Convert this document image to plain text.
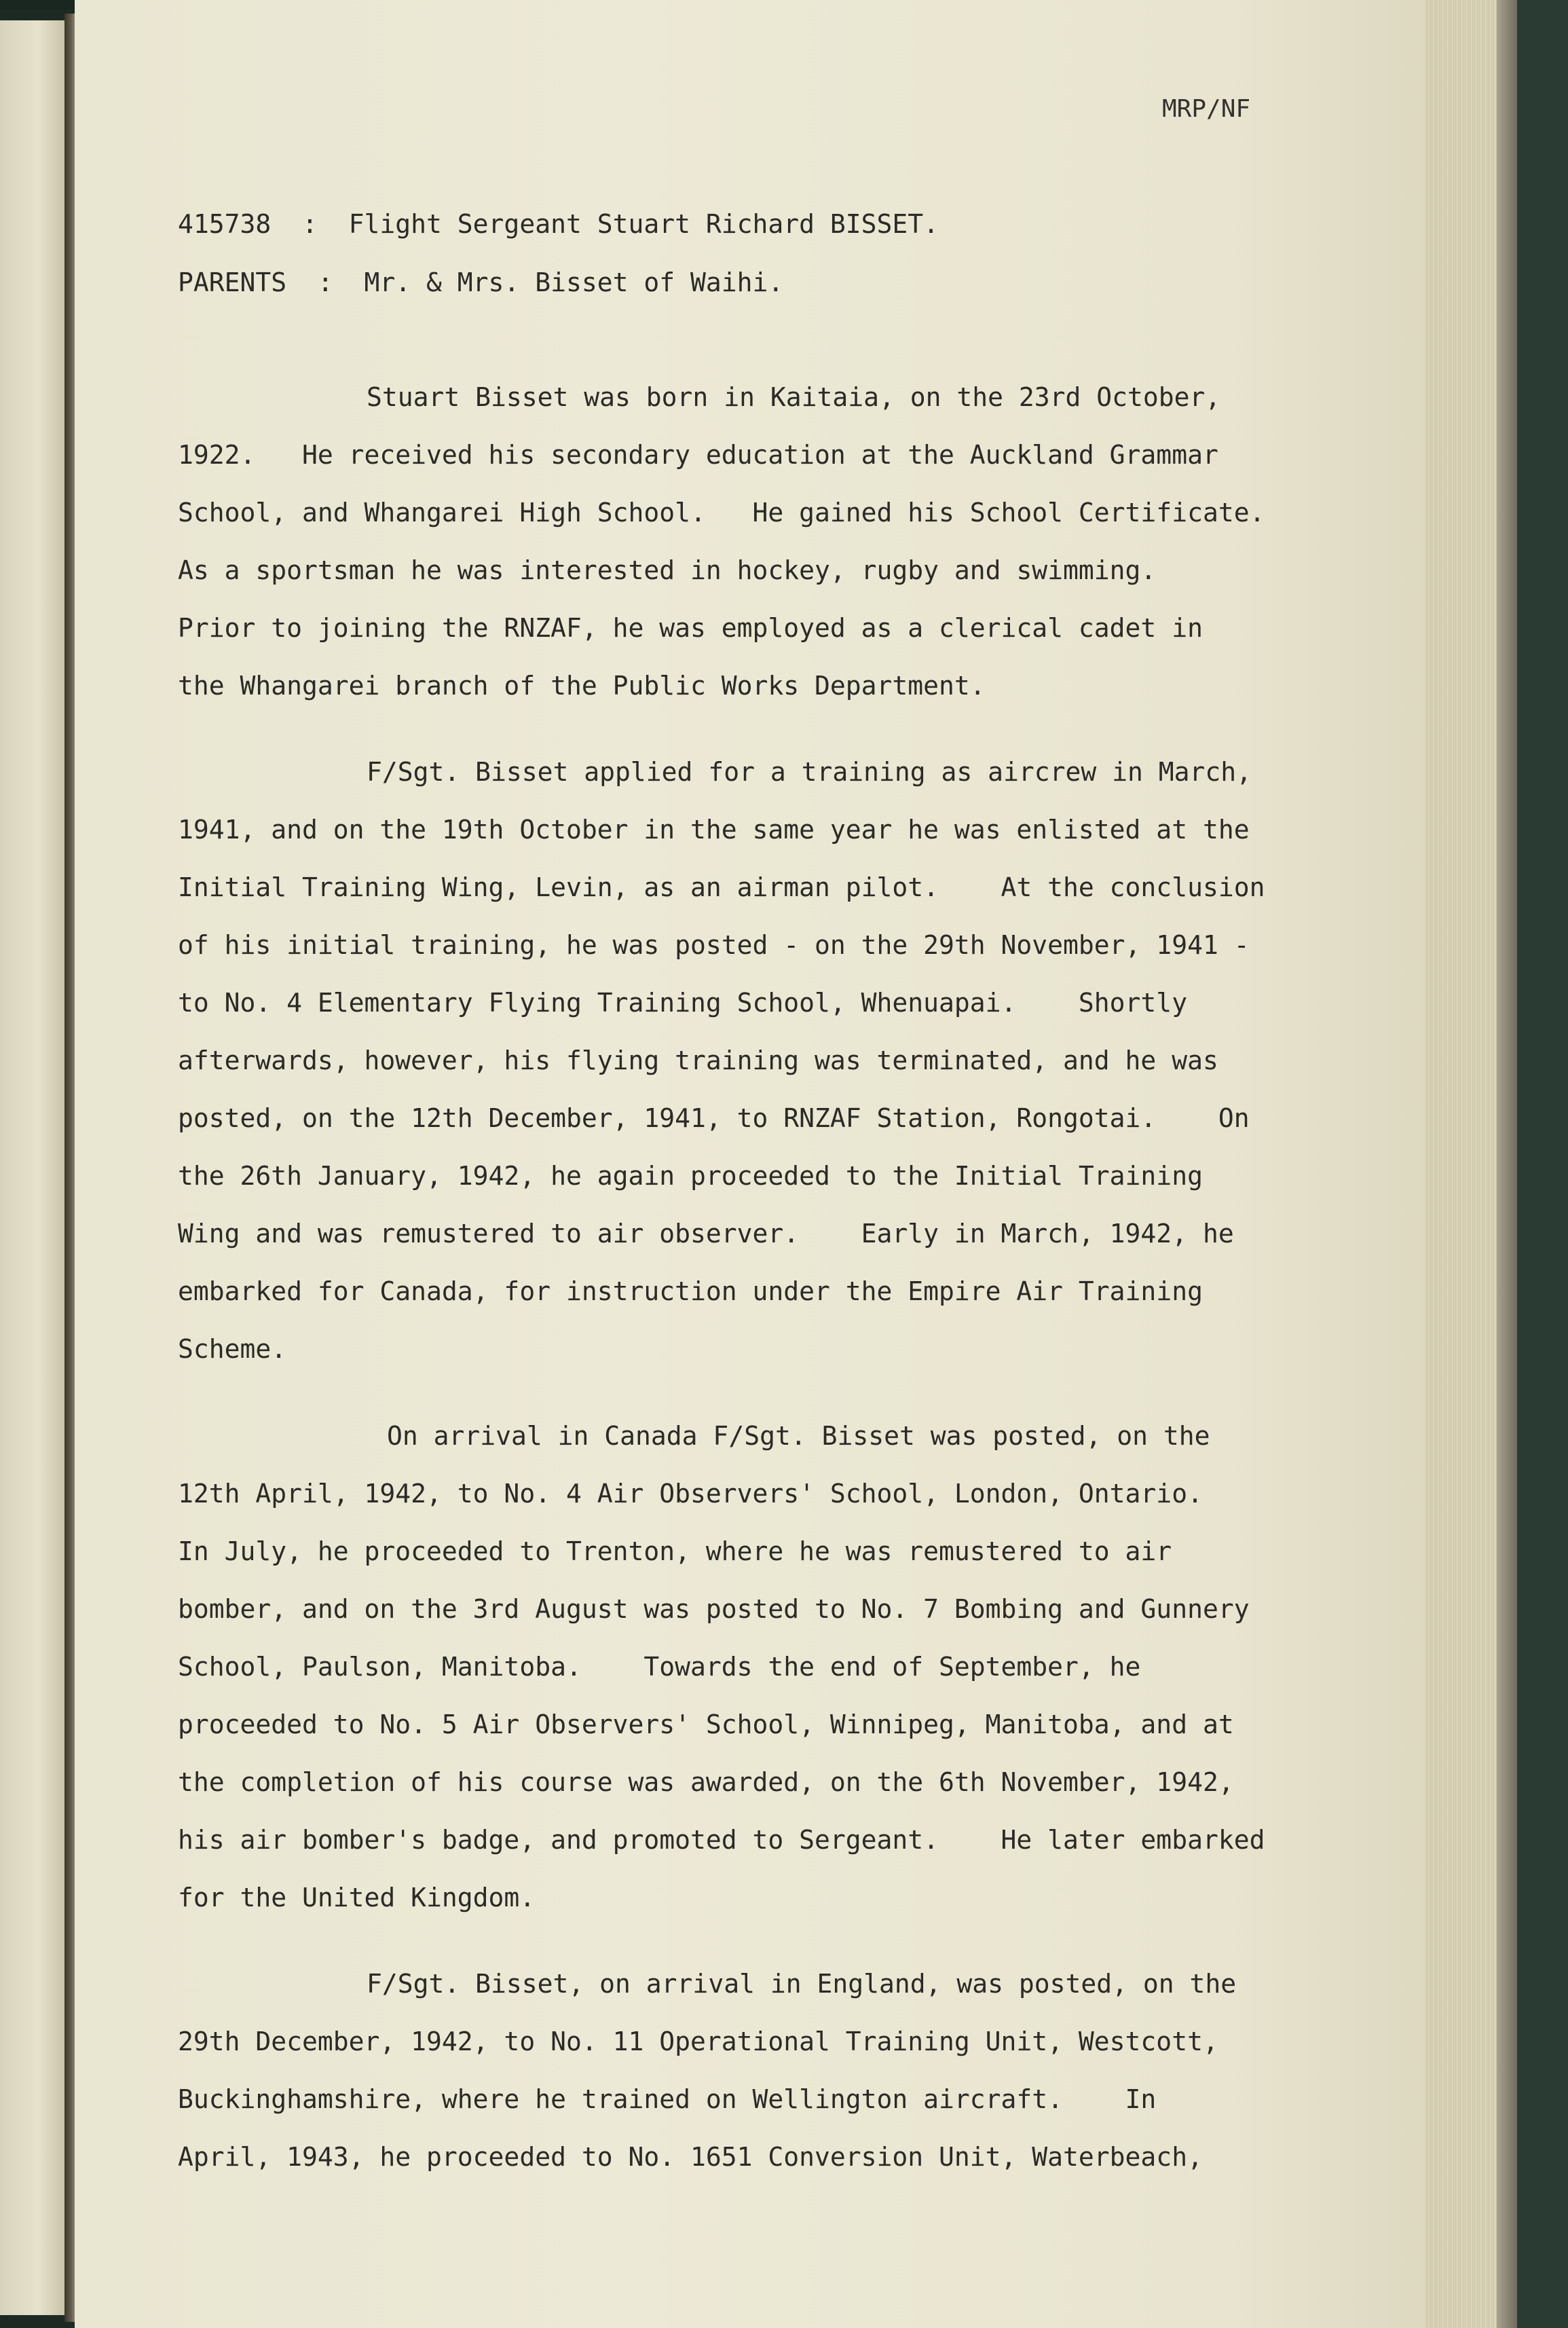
MRP/NF
415738  :  Flight Sergeant Stuart Richard BISSET.
PARENTS  :  Mr. & Mrs. Bisset of Waihi.
Stuart Bisset was born in Kaitaia, on the 23rd October,
1922.   He received his secondary education at the Auckland Grammar
School, and Whangarei High School.   He gained his School Certificate.
As a sportsman he was interested in hockey, rugby and swimming.
Prior to joining the RNZAF, he was employed as a clerical cadet in
the Whangarei branch of the Public Works Department.
F/Sgt. Bisset applied for a training as aircrew in March,
1941, and on the 19th October in the same year he was enlisted at the
Initial Training Wing, Levin, as an airman pilot.    At the conclusion
of his initial training, he was posted - on the 29th November, 1941 -
to No. 4 Elementary Flying Training School, Whenuapai.    Shortly
afterwards, however, his flying training was terminated, and he was
posted, on the 12th December, 1941, to RNZAF Station, Rongotai.    On
the 26th January, 1942, he again proceeded to the Initial Training
Wing and was remustered to air observer.    Early in March, 1942, he
embarked for Canada, for instruction under the Empire Air Training
Scheme.
On arrival in Canada F/Sgt. Bisset was posted, on the
12th April, 1942, to No. 4 Air Observers' School, London, Ontario.
In July, he proceeded to Trenton, where he was remustered to air
bomber, and on the 3rd August was posted to No. 7 Bombing and Gunnery
School, Paulson, Manitoba.    Towards the end of September, he
proceeded to No. 5 Air Observers' School, Winnipeg, Manitoba, and at
the completion of his course was awarded, on the 6th November, 1942,
his air bomber's badge, and promoted to Sergeant.    He later embarked
for the United Kingdom.
F/Sgt. Bisset, on arrival in England, was posted, on the
29th December, 1942, to No. 11 Operational Training Unit, Westcott,
Buckinghamshire, where he trained on Wellington aircraft.    In
April, 1943, he proceeded to No. 1651 Conversion Unit, Waterbeach,
